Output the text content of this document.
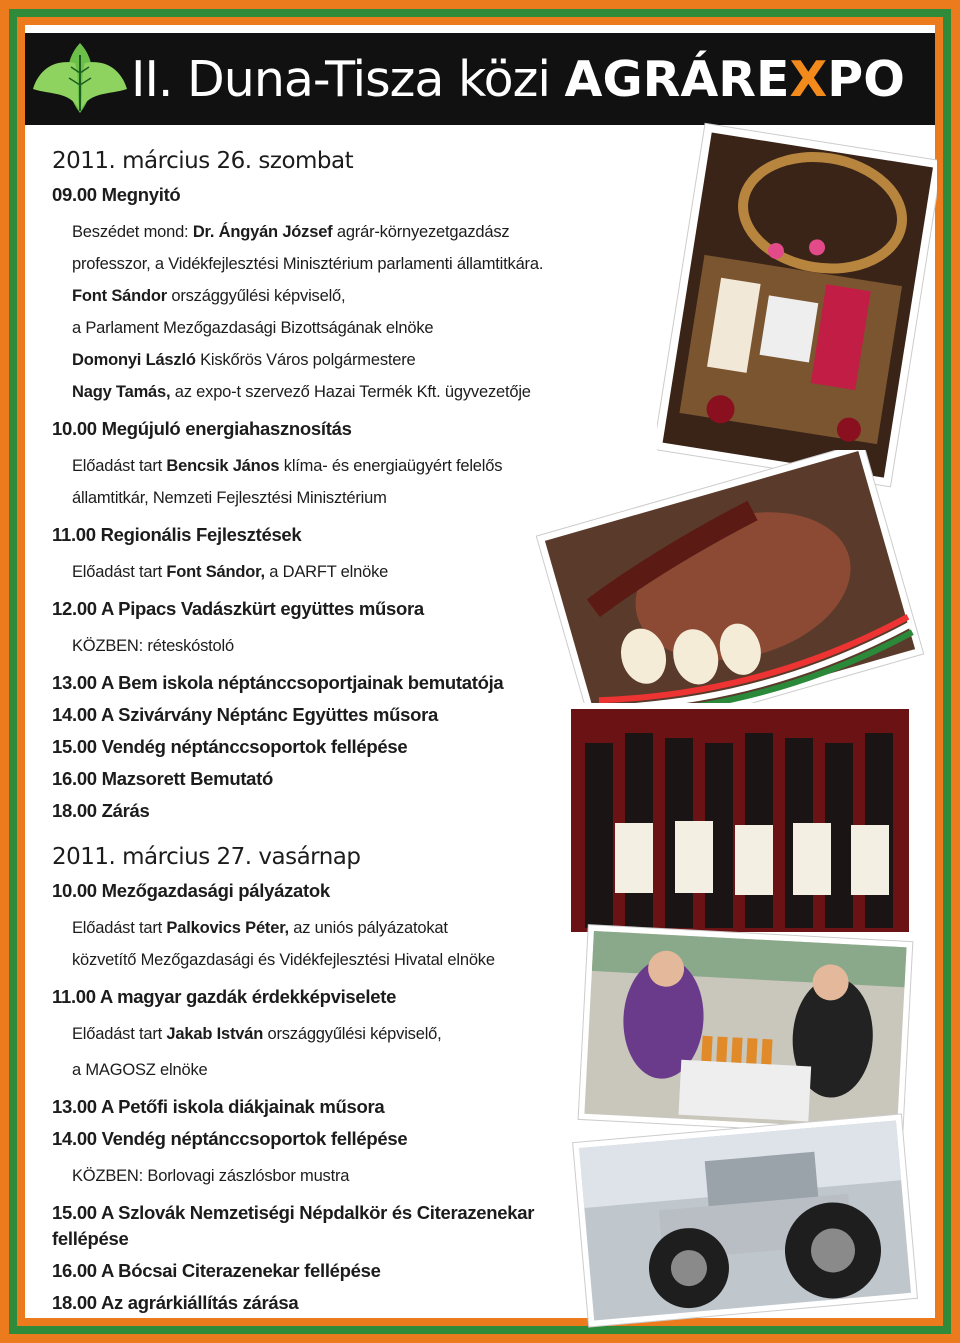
II. Duna-Tisza közi AGRÁREXPO
2011. március 26. szombat
09.00 Megnyitó
Beszédet mond: Dr. Ángyán József agrár-környezetgazdász
professzor, a Vidékfejlesztési Minisztérium parlamenti államtitkára.
Font Sándor országgyűlési képviselő,
a Parlament Mezőgazdasági Bizottságának elnöke
Domonyi László Kiskőrös Város polgármestere
Nagy Tamás, az expo-t szervező Hazai Termék Kft. ügyvezetője
10.00 Megújuló energiahasznosítás
Előadást tart Bencsik János klíma- és energiaügyért felelős
államtitkár, Nemzeti Fejlesztési Minisztérium
11.00 Regionális Fejlesztések
Előadást tart Font Sándor, a DARFT elnöke
12.00 A Pipacs Vadászkürt együttes műsora
KÖZBEN: réteskóstoló
13.00 A Bem iskola néptánccsoportjainak bemutatója
14.00 A Szivárvány Néptánc Együttes műsora
15.00 Vendég néptánccsoportok fellépése
16.00 Mazsorett Bemutató
18.00 Zárás
2011. március 27. vasárnap
10.00 Mezőgazdasági pályázatok
Előadást tart Palkovics Péter, az uniós pályázatokat
közvetítő Mezőgazdasági és Vidékfejlesztési Hivatal elnöke
11.00 A magyar gazdák érdekképviselete
Előadást tart Jakab István országgyűlési képviselő,
a MAGOSZ elnöke
13.00 A Petőfi iskola diákjainak műsora
14.00 Vendég néptánccsoportok fellépése
KÖZBEN: Borlovagi zászlósbor mustra
15.00 A Szlovák Nemzetiségi Népdalkör és Citerazenekar
fellépése
16.00 A Bócsai Citerazenekar fellépése
18.00 Az agrárkiállítás zárása
